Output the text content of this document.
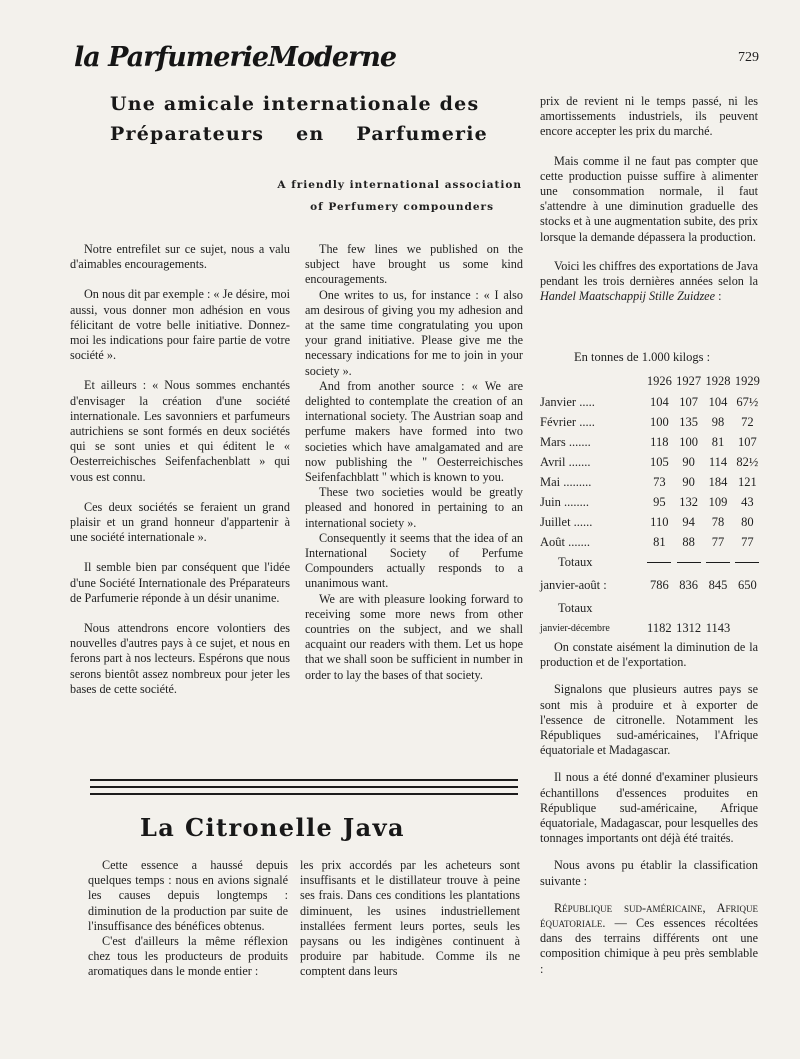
la ParfumerieModerne	729
Une amicale internationale des
Préparateurs en Parfumerie
A friendly international association
of Perfumery compounders

Notre entrefilet sur ce sujet, nous a valu d'aimables encouragements.

On nous dit par exemple : « Je désire, moi aussi, vous donner mon adhésion en vous félicitant de votre belle initiative. Donnez-moi les indications pour faire partie de votre société ».

Et ailleurs : « Nous sommes enchantés d'envisager la création d'une société internationale. Les savonniers et parfumeurs autrichiens se sont formés en deux sociétés qui se sont unies et qui éditent le « Oesterreichisches Seifenfachenblatt » qui vous est connu.

Ces deux sociétés se feraient un grand plaisir et un grand honneur d'appartenir à une société internationale ».

Il semble bien par conséquent que l'idée d'une Société Internationale des Préparateurs de Parfumerie réponde à un désir unanime.

Nous attendrons encore volontiers des nouvelles d'autres pays à ce sujet, et nous en ferons part à nos lecteurs. Espérons que nous serons bientôt assez nombreux pour jeter les bases de cette société.

The few lines we published on the subject have brought us some kind encouragements.

One writes to us, for instance : « I also am desirous of giving you my adhesion and at the same time congratulating you upon your grand initiative. Please give me the necessary indications for me to join in your society ».

And from another source : « We are delighted to contemplate the creation of an international society. The Austrian soap and perfume makers have formed into two societies which have amalgamated and are now publishing the " Oesterreichisches Seifenfachblatt " which is known to you.

These two societies would be greatly pleased and honored in pertaining to an international society ».

Consequently it seems that the idea of an International Society of Perfume Compounders actually responds to a unanimous want.

We are with pleasure looking forward to receiving some more news from other countries on the subject, and we shall acquaint our readers with them. Let us hope that we shall soon be sufficient in number in order to lay the bases of that society.

prix de revient ni le temps passé, ni les amortissements industriels, ils peuvent encore accepter les prix du marché.

Mais comme il ne faut pas compter que cette production puisse suffire à alimenter une consommation normale, il faut s'attendre à une diminution graduelle des stocks et à une augmentation subite, des prix lorsque la demande dépassera la production.

Voici les chiffres des exportations de Java pendant les trois dernières années selon la Handel Maatschappij Stille Zuidzee :

En tonnes de 1.000 kilogs :
	1926	1927	1928	1929
Janvier .....	104	107	104	67½
Février .....	100	135	98	72
Mars .......	118	100	81	107
Avril .......	105	90	114	82½
Mai .........	73	90	184	121
Juin ........	95	132	109	43
Juillet ......	110	94	78	80
Août .......	81	88	77	77
Totaux	

janvier-août :	786	836	845	650
Totaux				
janvier-décembre	1182	1312	1143	

On constate aisément la diminution de la production et de l'exportation.

Signalons que plusieurs autres pays se sont mis à produire et à exporter de l'essence de citronelle. Notamment les Républiques sud-américaines, l'Afrique équatoriale et Madagascar.

Il nous a été donné d'examiner plusieurs échantillons d'essences produites en République sud-américaine, Afrique équatoriale, Madagascar, pour lesquelles des tonnages importants ont déjà été traités.

Nous avons pu établir la classification suivante :

République sud-américaine, Afrique équatoriale. — Ces essences récoltées dans des terrains différents ont une composition chimique à peu près semblable :

La Citronelle Java

Cette essence a haussé depuis quelques temps : nous en avions signalé les causes depuis longtemps : diminution de la production par suite de l'insuffisance des bénéfices obtenus.

C'est d'ailleurs la même réflexion chez tous les producteurs de produits aromatiques dans le monde entier :

les prix accordés par les acheteurs sont insuffisants et le distillateur trouve à peine ses frais. Dans ces conditions les plantations diminuent, les usines industriellement installées ferment leurs portes, seuls les paysans ou les indigènes continuent à produire par habitude. Comme ils ne comptent dans leurs
